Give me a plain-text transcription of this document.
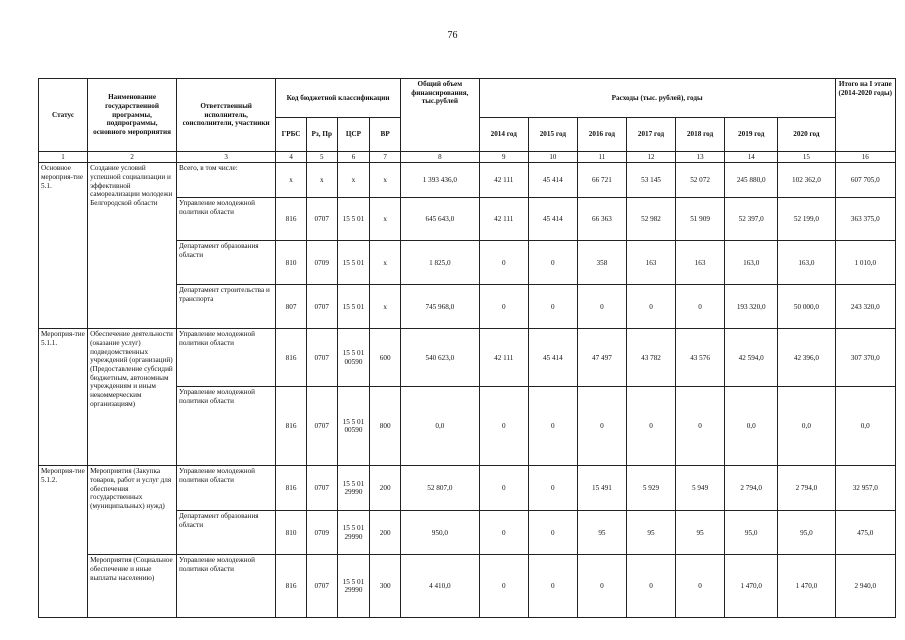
76
Статус	Наименование государственной программы, подпрограммы, основного мероприятия	Ответственный исполнитель, соисполнители, участники	Код бюджетной классификации				Общий объем финансирования, тыс.рублей	Расходы (тыс. рублей), годы							Итого на I этапе (2014-2020 годы)
			ГРБС	Рз, Пр	ЦСР	ВР		2014 год	2015 год	2016 год	2017 год	2018 год	2019 год	2020 год	
1	2	3	4	5	6	7	8	9	10	11	12	13	14	15	16
Основное мероприя-тие 5.1.	Создание условий успешной социализации и эффективной самореализации молодежи Белгородской области	Всего, в том числе:	x	x	x	x	1 393 436,0	42 111	45 414	66 721	53 145	52 072	245 880,0	102 362,0	607 705,0
		Управление молодежной политики области	816	0707	15 5 01	x	645 643,0	42 111	45 414	66 363	52 982	51 909	52 397,0	52 199,0	363 375,0
		Департамент образования области	810	0709	15 5 01	x	1 825,0	0	0	358	163	163	163,0	163,0	1 010,0
		Департамент строительства и транспорта	807	0707	15 5 01	x	745 968,0	0	0	0	0	0	193 320,0	50 000,0	243 320,0
Мероприя-тие 5.1.1.	Обеспечение деятельности (оказание услуг) подведомственных учреждений (организаций) (Предоставление субсидий бюджетным, автономным учреждениям и иным некоммерческим организациям)	Управление молодежной политики области	816	0707	15 5 01 00590	600	540 623,0	42 111	45 414	47 497	43 782	43 576	42 594,0	42 396,0	307 370,0
		Управление молодежной политики области	816	0707	15 5 01 00590	800	0,0	0	0	0	0	0	0,0	0,0	0,0
Мероприя-тие 5.1.2.	Мероприятия (Закупка товаров, работ и услуг для обеспечения государственных (муниципальных) нужд)	Управление молодежной политики области	816	0707	15 5 01 29990	200	52 807,0	0	0	15 491	5 929	5 949	2 794,0	2 794,0	32 957,0
		Департамент образования области	810	0709	15 5 01 29990	200	950,0	0	0	95	95	95	95,0	95,0	475,0
	Мероприятия (Социальное обеспечение и иные выплаты населению)	Управление молодежной политики области	816	0707	15 5 01 29990	300	4 410,0	0	0	0	0	0	1 470,0	1 470,0	2 940,0
